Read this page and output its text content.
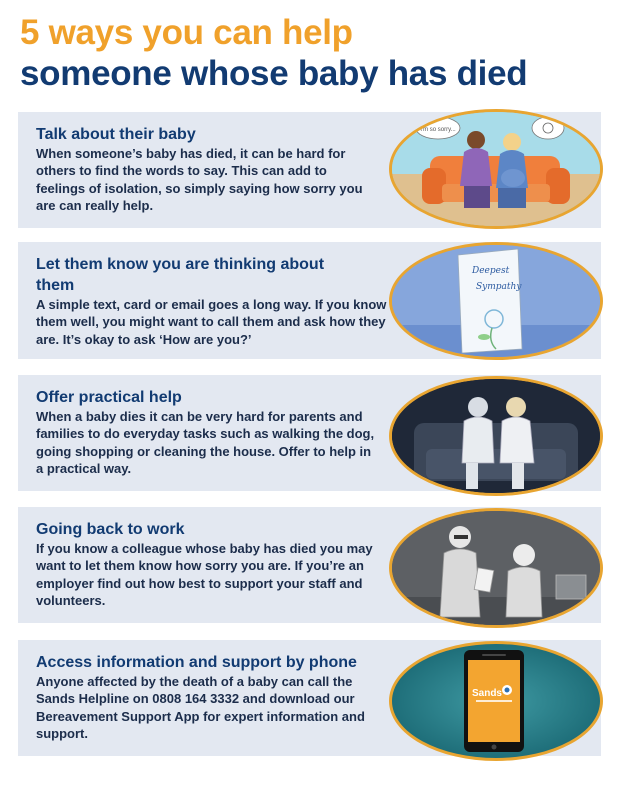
5 ways you can help
someone whose baby has died
Talk about their baby

When someone’s baby has died, it can be hard for others to find the words to say. This can add to feelings of isolation, so simply saying how sorry you are can really help.

I'm so sorry...
Let them know you are thinking about them

A simple text, card or email goes a long way. If you know them well, you might want to call them and ask how they are. It’s okay to ask ‘How are you?’

Deepest
Sympathy
Offer practical help

When a baby dies it can be very hard for parents and families to do everyday tasks such as walking the dog, going shopping or cleaning the house. Offer to help in a practical way.

Going back to work

If you know a colleague whose baby has died you may want to let them know how sorry you are. If you’re an employer find out how best to support your staff and volunteers.

Access information and support by phone

Anyone affected by the death of a baby can call the Sands Helpline on 0808 164 3332 and download our Bereavement Support App for expert information and support.

Sands
